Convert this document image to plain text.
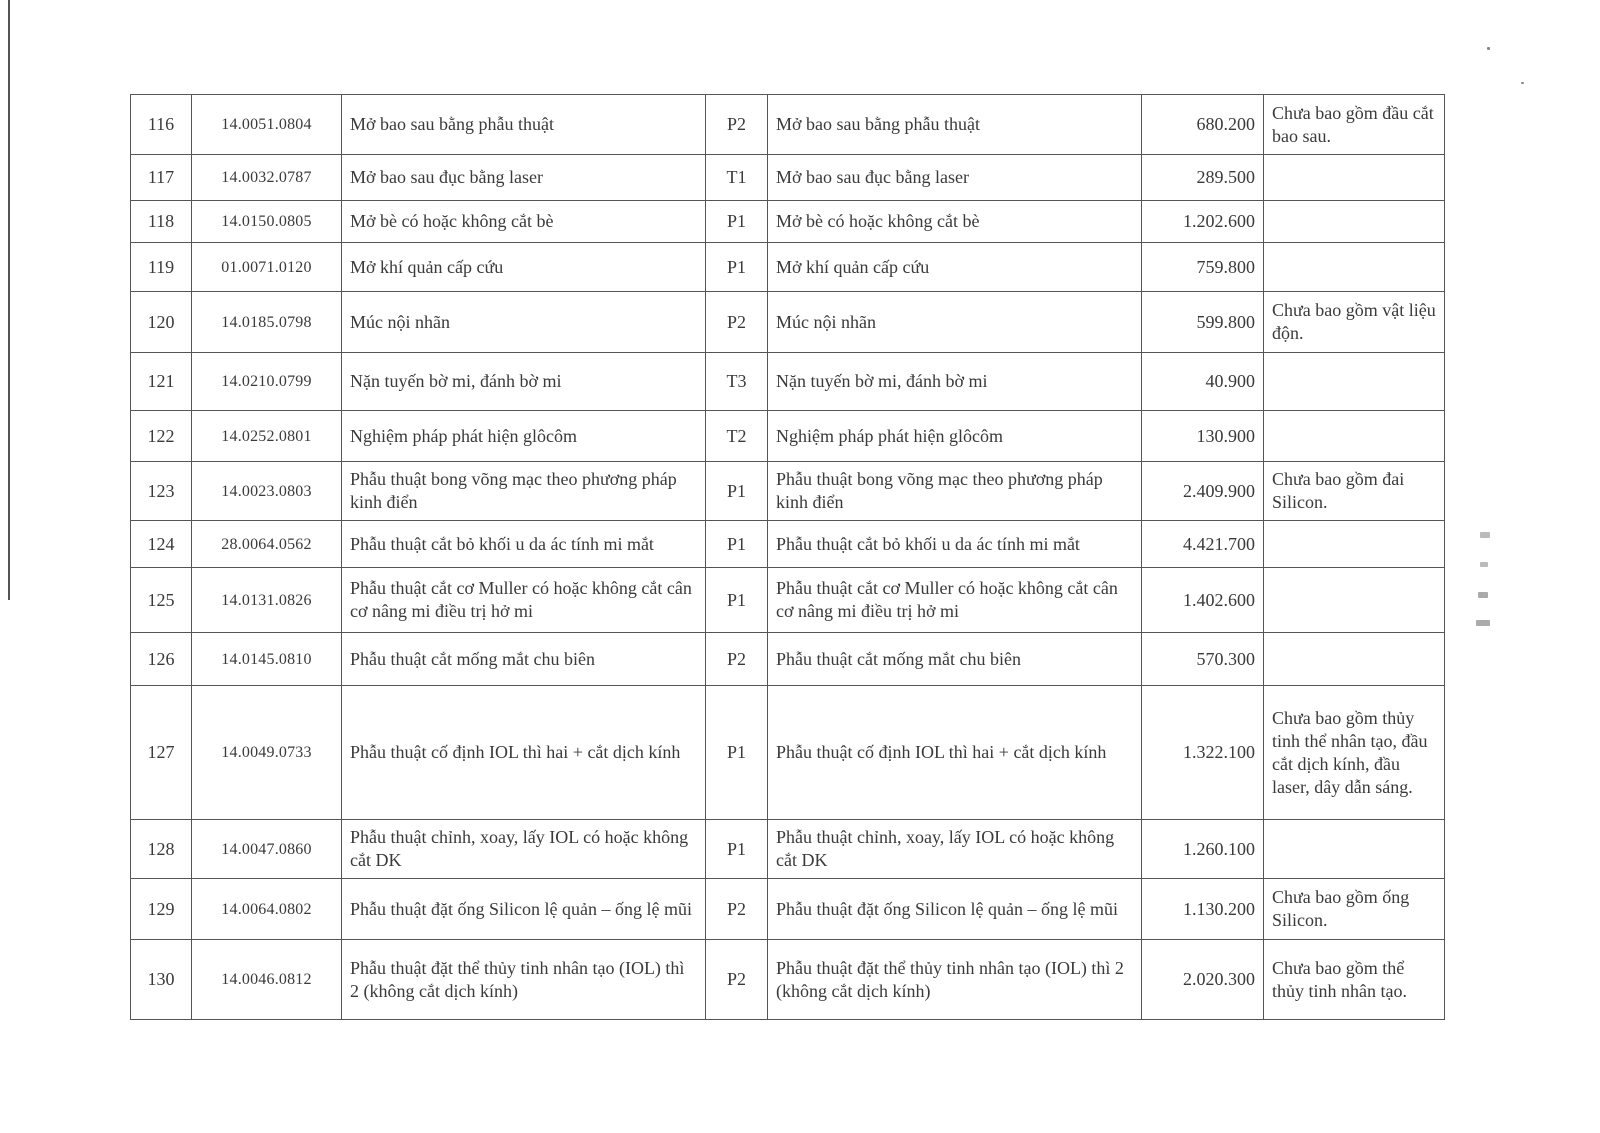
116	14.0051.0804	Mở bao sau bằng phẫu thuật	P2	Mở bao sau bằng phẫu thuật	680.200	Chưa bao gồm đầu cắt bao sau.
117	14.0032.0787	Mở bao sau đục bằng laser	T1	Mở bao sau đục bằng laser	289.500	
118	14.0150.0805	Mở bè có hoặc không cắt bè	P1	Mở bè có hoặc không cắt bè	1.202.600	
119	01.0071.0120	Mở khí quản cấp cứu	P1	Mở khí quản cấp cứu	759.800	
120	14.0185.0798	Múc nội nhãn	P2	Múc nội nhãn	599.800	Chưa bao gồm vật liệu độn.
121	14.0210.0799	Nặn tuyến bờ mi, đánh bờ mi	T3	Nặn tuyến bờ mi, đánh bờ mi	40.900	
122	14.0252.0801	Nghiệm pháp phát hiện glôcôm	T2	Nghiệm pháp phát hiện glôcôm	130.900	
123	14.0023.0803	Phẫu thuật bong võng mạc theo phương pháp kinh điển	P1	Phẫu thuật bong võng mạc theo phương pháp kinh điển	2.409.900	Chưa bao gồm đai Silicon.
124	28.0064.0562	Phẫu thuật cắt bỏ khối u da ác tính mi mắt	P1	Phẫu thuật cắt bỏ khối u da ác tính mi mắt	4.421.700	
125	14.0131.0826	Phẫu thuật cắt cơ Muller có hoặc không cắt cân cơ nâng mi điều trị hở mi	P1	Phẫu thuật cắt cơ Muller có hoặc không cắt cân cơ nâng mi điều trị hở mi	1.402.600	
126	14.0145.0810	Phẫu thuật cắt mống mắt chu biên	P2	Phẫu thuật cắt mống mắt chu biên	570.300	
127	14.0049.0733	Phẫu thuật cố định IOL thì hai + cắt dịch kính	P1	Phẫu thuật cố định IOL thì hai + cắt dịch kính	1.322.100	Chưa bao gồm thủy tinh thể nhân tạo, đầu cắt dịch kính, đầu laser, dây dẫn sáng.
128	14.0047.0860	Phẫu thuật chỉnh, xoay, lấy IOL có hoặc không cắt DK	P1	Phẫu thuật chỉnh, xoay, lấy IOL có hoặc không cắt DK	1.260.100	
129	14.0064.0802	Phẫu thuật đặt ống Silicon lệ quản – ống lệ mũi	P2	Phẫu thuật đặt ống Silicon lệ quản – ống lệ mũi	1.130.200	Chưa bao gồm ống Silicon.
130	14.0046.0812	Phẫu thuật đặt thể thủy tinh nhân tạo (IOL) thì 2 (không cắt dịch kính)	P2	Phẫu thuật đặt thể thủy tinh nhân tạo (IOL) thì 2 (không cắt dịch kính)	2.020.300	Chưa bao gồm thể thủy tinh nhân tạo.
